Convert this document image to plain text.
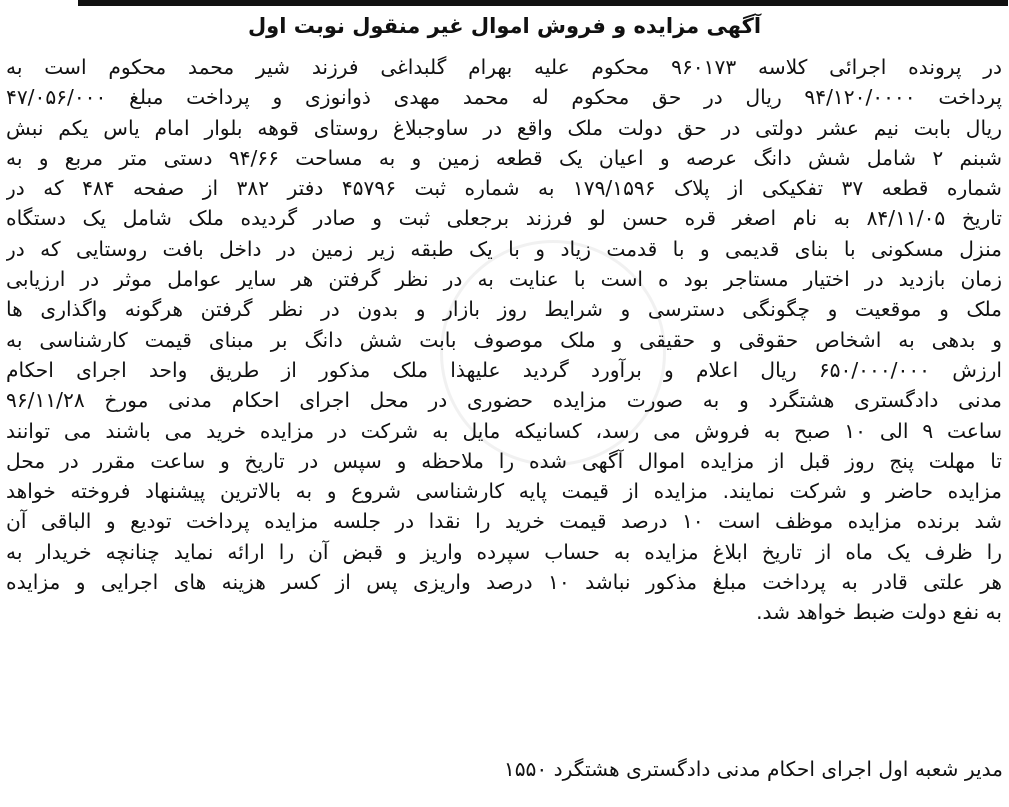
آگهی مزایده و فروش اموال غیر منقول نوبت اول
در پرونده اجرائی کلاسه ۹۶۰۱۷۳ محکوم علیه بهرام گلبداغی فرزند شیر محمد محکوم است به
پرداخت ۹۴/۱۲۰/۰۰۰۰ ریال در حق محکوم له محمد مهدی ذوانوزی و پرداخت مبلغ ۴۷/۰۵۶/۰۰۰
ریال بابت نیم عشر دولتی در حق دولت ملک واقع در ساوجبلاغ روستای قوهه بلوار امام یاس یکم نبش
شبنم ۲ شامل شش دانگ عرصه و اعیان یک قطعه زمین و به مساحت ۹۴/۶۶ دستی متر مربع و به
شماره قطعه ۳۷ تفکیکی از پلاک ۱۷۹/۱۵۹۶ به شماره ثبت ۴۵۷۹۶ دفتر ۳۸۲ از صفحه ۴۸۴ که در
تاریخ ۸۴/۱۱/۰۵ به نام اصغر قره حسن لو فرزند برجعلی ثبت و صادر گردیده ملک شامل یک دستگاه
منزل مسکونی با بنای قدیمی و با قدمت زیاد و با یک طبقه زیر زمین در داخل بافت روستایی که در
زمان بازدید در اختیار مستاجر بود ه است با عنایت به در نظر گرفتن هر سایر عوامل موثر در ارزیابی
ملک و موقعیت و چگونگی دسترسی و شرایط روز بازار و بدون در نظر گرفتن هرگونه واگذاری ها
و بدهی به اشخاص حقوقی و حقیقی و ملک موصوف بابت شش دانگ بر مبنای قیمت کارشناسی به
ارزش ۶۵۰/۰۰۰/۰۰۰ ریال اعلام و برآورد گردید علیهذا ملک مذکور از طریق واحد اجرای احکام
مدنی دادگستری هشتگرد و به صورت مزایده حضوری در محل اجرای احکام مدنی مورخ ۹۶/۱۱/۲۸
ساعت ۹ الی ۱۰ صبح به فروش می رسد، کسانیکه مایل به شرکت در مزایده خرید می باشند می توانند
تا مهلت پنج روز قبل از مزایده اموال آگهی شده را ملاحظه و سپس در تاریخ و ساعت مقرر در محل
مزایده حاضر و شرکت نمایند. مزایده از قیمت پایه کارشناسی شروع و به بالاترین پیشنهاد فروخته خواهد
شد برنده مزایده موظف است ۱۰ درصد قیمت خرید را نقدا در جلسه مزایده پرداخت تودیع و الباقی آن
را ظرف یک ماه از تاریخ ابلاغ مزایده به حساب سپرده واریز و قبض آن را ارائه نماید چنانچه خریدار به
هر علتی قادر به پرداخت مبلغ مذکور نباشد ۱۰ درصد واریزی پس از کسر هزینه های اجرایی و مزایده
به نفع دولت ضبط خواهد شد.
مدیر شعبه اول اجرای احکام مدنی دادگستری هشتگرد ۱۵۵۰
